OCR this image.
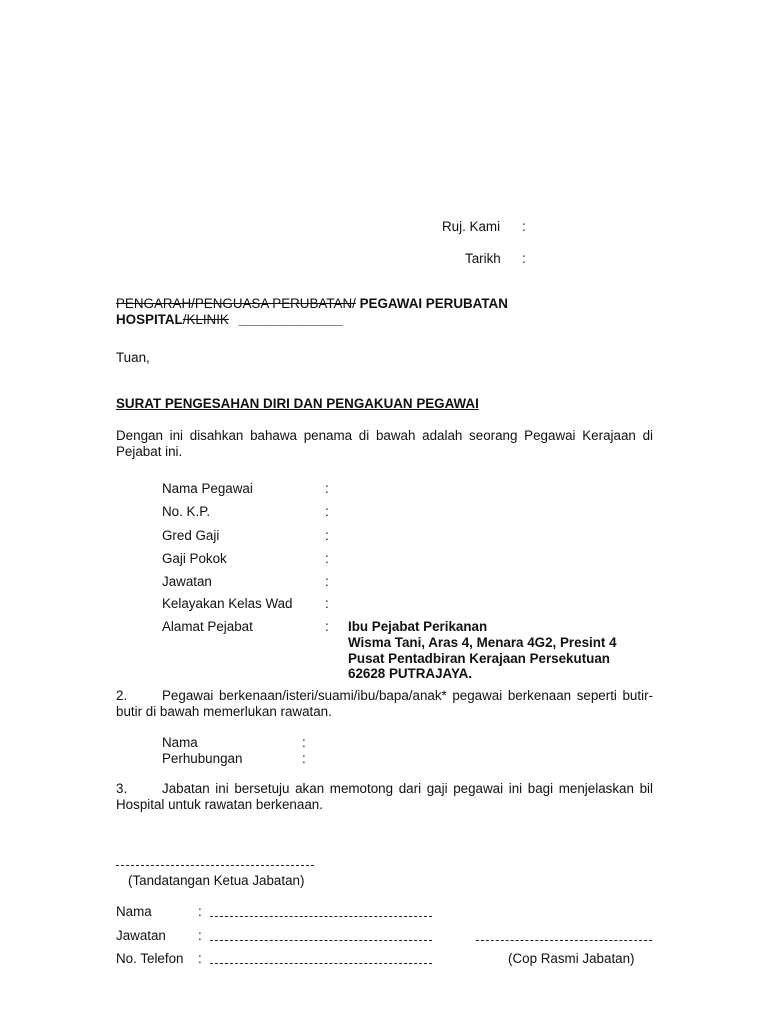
Ruj. Kami :
Tarikh :
PENGARAH/PENGUASA PERUBATAN/ PEGAWAI PERUBATAN
HOSPITAL/KLINIK ______________
Tuan,
SURAT PENGESAHAN DIRI DAN PENGAKUAN PEGAWAI
Dengan ini disahkan bahawa penama di bawah adalah seorang Pegawai Kerajaan di Pejabat ini.
Nama Pegawai	:
No. K.P.	:
Gred Gaji	:
Gaji Pokok	:
Jawatan	:
Kelayakan Kelas Wad :
Alamat Pejabat	: Ibu Pejabat Perikanan
Wisma Tani, Aras 4, Menara 4G2, Presint 4
Pusat Pentadbiran Kerajaan Persekutuan
62628 PUTRAJAYA.
2.	Pegawai berkenaan/isteri/suami/ibu/bapa/anak* pegawai berkenaan seperti butir-butir di bawah memerlukan rawatan.
Nama	:
Perhubungan	:
3.	Jabatan ini bersetuju akan memotong dari gaji pegawai ini bagi menjelaskan bil Hospital untuk rawatan berkenaan.
(Tandatangan Ketua Jabatan)
Nama	:
Jawatan :
No. Telefon :	(Cop Rasmi Jabatan)
